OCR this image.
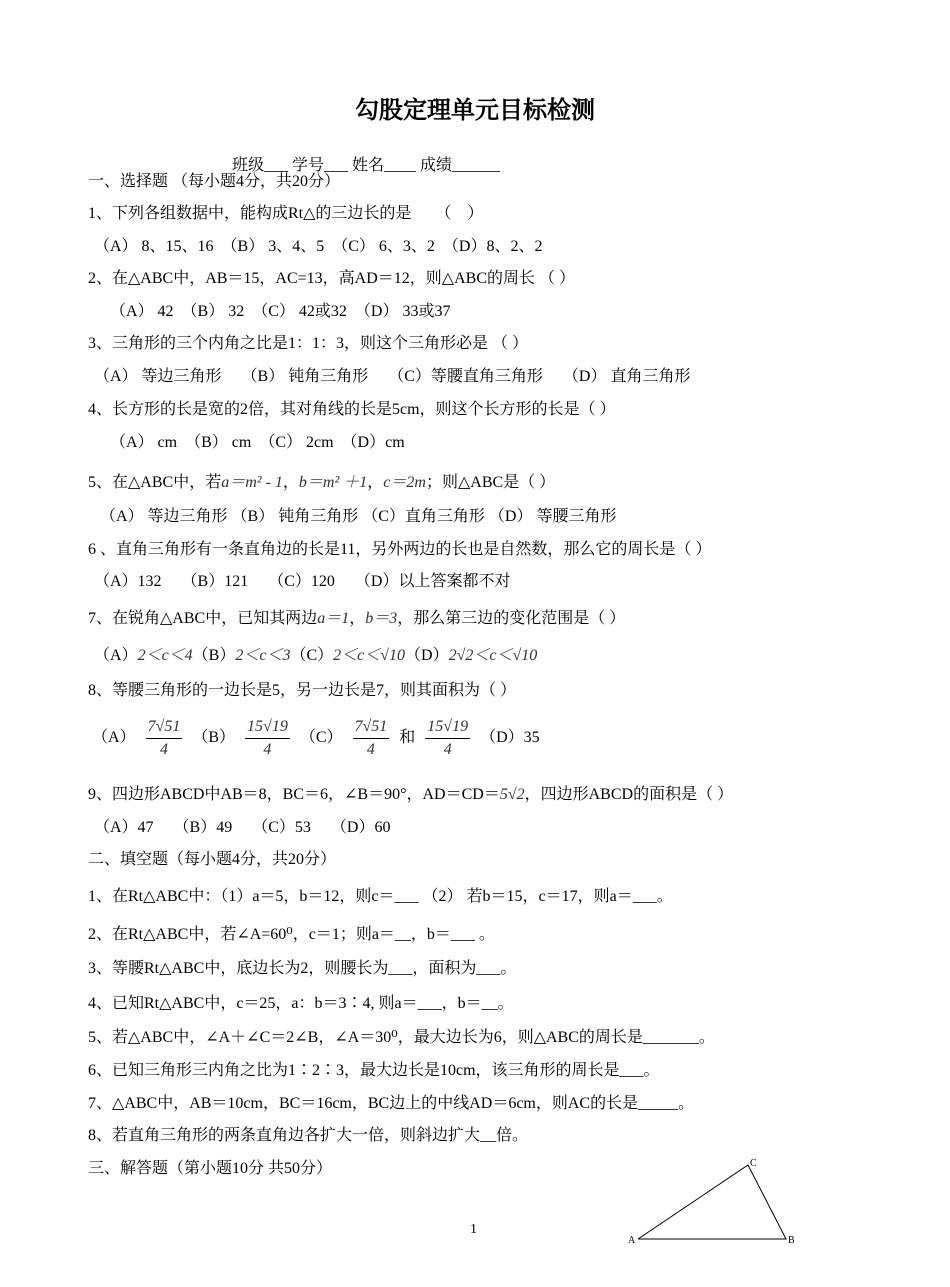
勾股定理单元目标检测
班级___ 学号___ 姓名____ 成绩______
一、选择题 （每小题4分，共20分）
1、下列各组数据中，能构成Rt△的三边长的是　　（　）
（A） 8、15、16　（B） 3、4、5　（C） 6、3、2　（D）8、2、2
2、在△ABC中，AB＝15，AC=13，高AD＝12，则△ABC的周长 （ ）
（A） 42　（B） 32　（C） 42或32　（D） 33或37
3、三角形的三个内角之比是1：1：3，则这个三角形必是 （ ）
（A） 等边三角形　 （B） 钝角三角形　 （C）等腰直角三角形　 （D） 直角三角形
4、长方形的长是宽的2倍，其对角线的长是5cm，则这个长方形的长是（ ）
（A） cm　（B） cm　（C） 2cm　（D）cm
5、在△ABC中，若a＝m² - 1，b＝m² ＋1，c＝2m；则△ABC是（ ）
（A） 等边三角形 （B） 钝角三角形 （C）直角三角形 （D） 等腰三角形
6 、直角三角形有一条直角边的长是11，另外两边的长也是自然数，那么它的周长是（ ）
（A）132　 （B）121　 （C）120　 （D）以上答案都不对
7、在锐角△ABC中，已知其两边a＝1，b＝3，那么第三边的变化范围是（ ）
（A）2＜c＜4（B）2＜c＜3（C）2＜c＜√10（D）2√2＜c＜√10
8、等腰三角形的一边长是5，另一边长是7，则其面积为（ ）
$(A) \frac{7√51}{4} (B) \frac{15√19}{4} (C) \frac{7√51}{4}$ 和 $\frac{15√19}{4} (D)35$
9、四边形ABCD中AB＝8，BC＝6，∠B＝90°，AD＝CD＝5√2，四边形ABCD的面积是（ ）
（A）47　 （B）49　 （C）53　 （D）60
二、填空题（每小题4分，共20分）
1、在Rt△ABC中：（1）a＝5，b＝12，则c＝___ （2） 若b＝15，c＝17，则a＝___。
2、在Rt△ABC中，若∠A=60⁰，c＝1；则a＝__，b＝___ 。
3、等腰Rt△ABC中，底边长为2，则腰长为___，面积为___。
4、已知Rt△ABC中，c＝25，a：b＝3∶4, 则a＝___，b＝__。
5、若△ABC中，∠A＋∠C＝2∠B，∠A＝30⁰，最大边长为6，则△ABC的周长是_______。
6、已知三角形三内角之比为1∶2∶3，最大边长是10cm，该三角形的周长是___。
7、△ABC中，AB＝10cm，BC＝16cm，BC边上的中线AD＝6cm，则AC的长是_____。
8、若直角三角形的两条直角边各扩大一倍，则斜边扩大__倍。
三、解答题（第小题10分 共50分）
A
C
B
1
